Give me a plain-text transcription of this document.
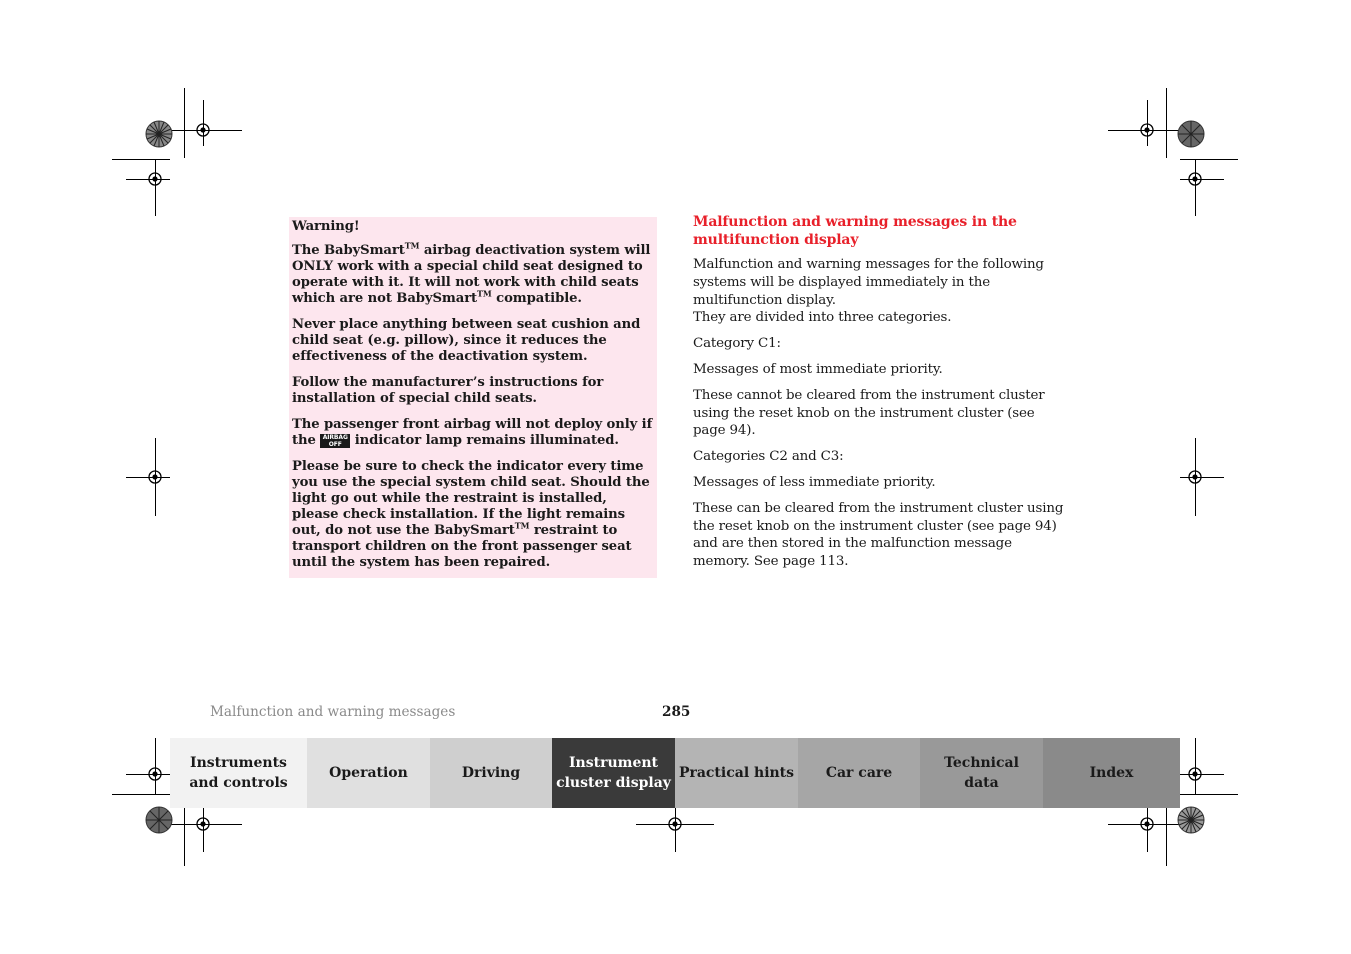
Warning!

The BabySmart™ airbag deactivation system will ONLY work with a special child seat designed to operate with it. It will not work with child seats which are not BabySmart™ compatible.

Never place anything between seat cushion and child seat (e.g. pillow), since it reduces the effectiveness of the deactivation system.

Follow the manufacturer’s instructions for installation of special child seats.

The passenger front airbag will not deploy only if the AIRBAG
OFF indicator lamp remains illuminated.

Please be sure to check the indicator every time you use the special system child seat. Should the light go out while the restraint is installed, please check installation. If the light remains out, do not use the BabySmart™ restraint to transport children on the front passenger seat until the system has been repaired.

Malfunction and warning messages in the multifunction display

Malfunction and warning messages for the following systems will be displayed immediately in the multifunction display.
They are divided into three categories.

Category C1:

Messages of most immediate priority.

These cannot be cleared from the instrument cluster using the reset knob on the instrument cluster (see page 94).

Categories C2 and C3:

Messages of less immediate priority.

These can be cleared from the instrument cluster using the reset knob on the instrument cluster (see page 94) and are then stored in the malfunction message memory. See page 113.

Malfunction and warning messages	285
Instruments
and controls
Operation	Driving
Instrument
cluster display
Practical hints Car care
Technical
data
Index
